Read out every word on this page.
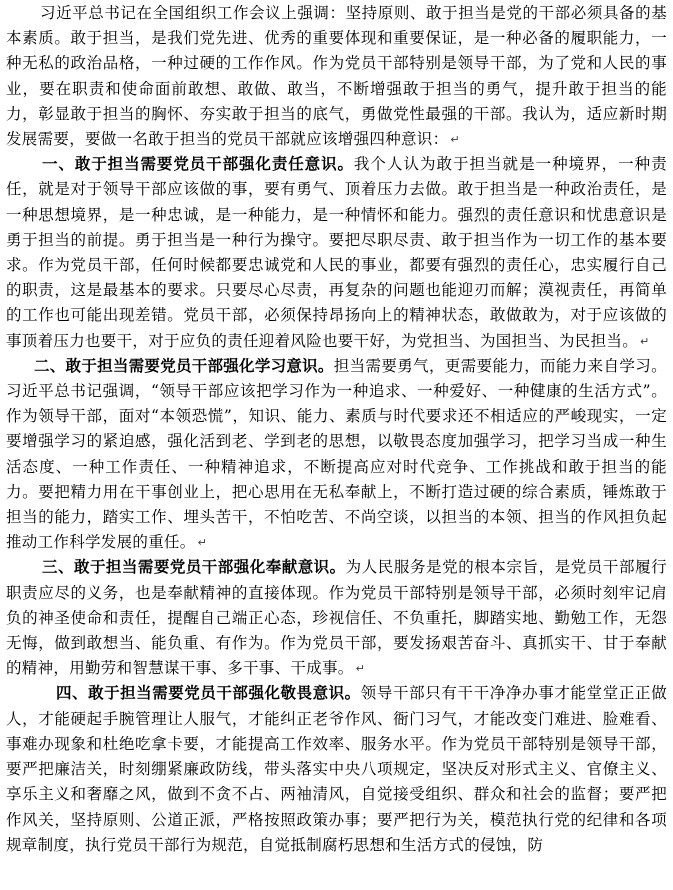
习近平总书记在全国组织工作会议上强调：坚持原则、敢于担当是党的干部必须具备的基本素质。敢于担当，是我们党先进、优秀的重要体现和重要保证，是一种必备的履职能力，一种无私的政治品格，一种过硬的工作作风。作为党员干部特别是领导干部，为了党和人民的事业，要在职责和使命面前敢想、敢做、敢当，不断增强敢于担当的勇气，提升敢于担当的能力，彰显敢于担当的胸怀、夯实敢于担当的底气，勇做党性最强的干部。我认为，适应新时期发展需要，要做一名敢于担当的党员干部就应该增强四种意识： ↵

一、敢于担当需要党员干部强化责任意识。我个人认为敢于担当就是一种境界，一种责任，就是对于领导干部应该做的事，要有勇气、顶着压力去做。敢于担当是一种政治责任，是一种思想境界，是一种忠诚，是一种能力，是一种情怀和能力。强烈的责任意识和忧患意识是勇于担当的前提。勇于担当是一种行为操守。要把尽职尽责、敢于担当作为一切工作的基本要求。作为党员干部，任何时候都要忠诚党和人民的事业，都要有强烈的责任心，忠实履行自己的职责，这是最基本的要求。只要尽心尽责，再复杂的问题也能迎刃而解；漠视责任，再简单的工作也可能出现差错。党员干部，必须保持昂扬向上的精神状态，敢做敢为，对于应该做的事顶着压力也要干，对于应负的责任迎着风险也要干好，为党担当、为国担当、为民担当。 ↵

二、敢于担当需要党员干部强化学习意识。担当需要勇气，更需要能力，而能力来自学习。习近平总书记强调，“领导干部应该把学习作为一种追求、一种爱好、一种健康的生活方式”。作为领导干部，面对“本领恐慌”，知识、能力、素质与时代要求还不相适应的严峻现实，一定要增强学习的紧迫感，强化活到老、学到老的思想，以敬畏态度加强学习，把学习当成一种生活态度、一种工作责任、一种精神追求，不断提高应对时代竞争、工作挑战和敢于担当的能力。要把精力用在干事创业上，把心思用在无私奉献上，不断打造过硬的综合素质，锤炼敢于担当的能力，踏实工作、埋头苦干，不怕吃苦、不尚空谈，以担当的本领、担当的作风担负起推动工作科学发展的重任。 ↵

三、敢于担当需要党员干部强化奉献意识。为人民服务是党的根本宗旨，是党员干部履行职责应尽的义务，也是奉献精神的直接体现。作为党员干部特别是领导干部，必须时刻牢记肩负的神圣使命和责任，提醒自己端正心态，珍视信任、不负重托，脚踏实地、勤勉工作，无怨无悔，做到敢想当、能负重、有作为。作为党员干部，要发扬艰苦奋斗、真抓实干、甘于奉献的精神，用勤劳和智慧谋干事、多干事、干成事。 ↵

四、敢于担当需要党员干部强化敬畏意识。领导干部只有干干净净办事才能堂堂正正做人，才能硬起手腕管理让人服气，才能纠正老爷作风、衙门习气，才能改变门难进、脸难看、事难办现象和杜绝吃拿卡要，才能提高工作效率、服务水平。作为党员干部特别是领导干部，要严把廉洁关，时刻绷紧廉政防线，带头落实中央八项规定，坚决反对形式主义、官僚主义、享乐主义和奢靡之风，做到不贪不占、两袖清风，自觉接受组织、群众和社会的监督；要严把作风关，坚持原则、公道正派，严格按照政策办事；要严把行为关，模范执行党的纪律和各项规章制度，执行党员干部行为规范，自觉抵制腐朽思想和生活方式的侵蚀，防
